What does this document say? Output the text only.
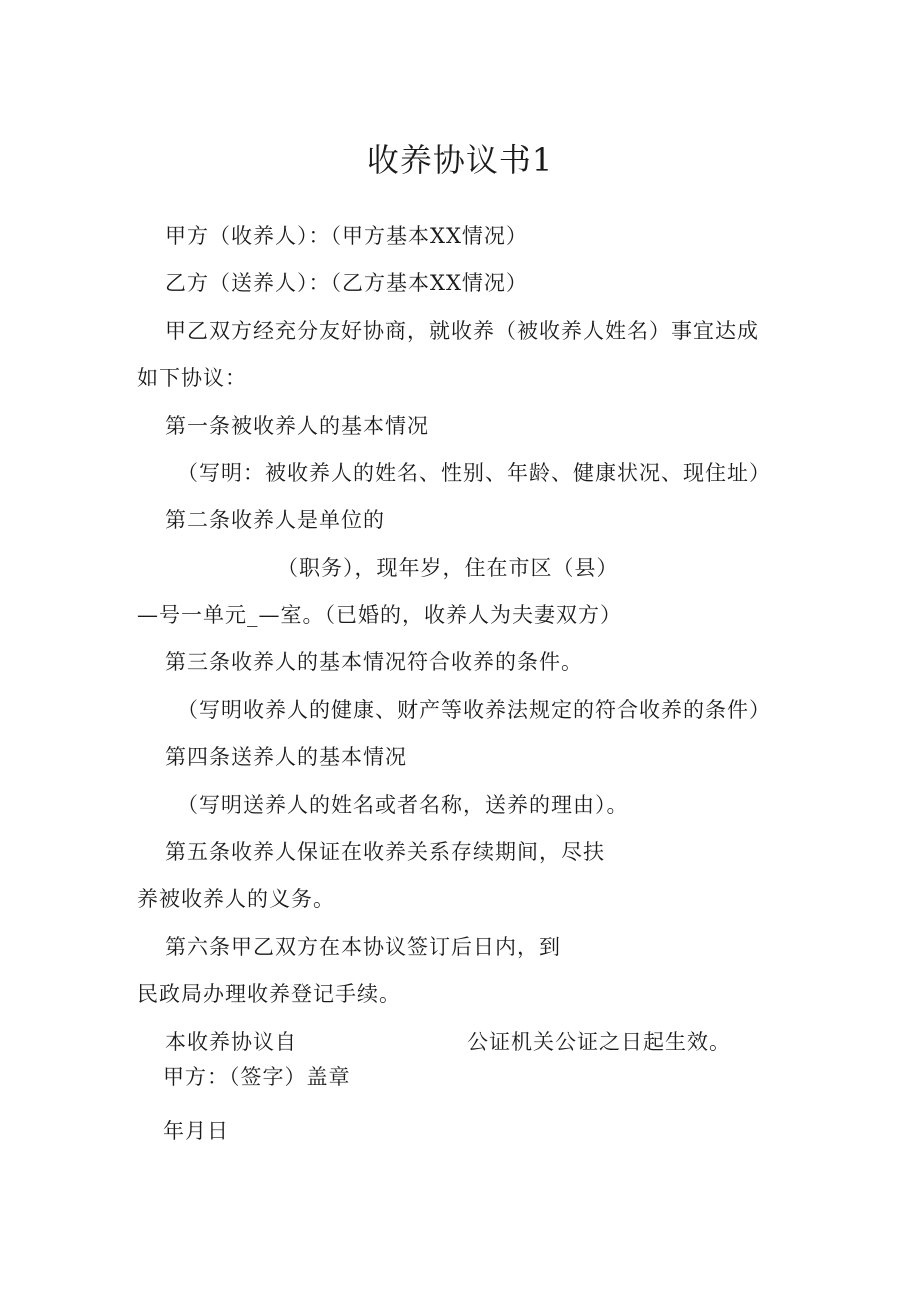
收养协议书1
甲方（收养人）：（甲方基本XX情况）
乙方（送养人）：（乙方基本XX情况）
甲乙双方经充分友好协商，就收养（被收养人姓名）事宜达成
如下协议：
第一条被收养人的基本情况
（写明：被收养人的姓名、性别、年龄、健康状况、现住址）
第二条收养人是单位的
（职务），现年岁，住在市区（县）
—号一单元_—室。（已婚的，收养人为夫妻双方）
第三条收养人的基本情况符合收养的条件。
（写明收养人的健康、财产等收养法规定的符合收养的条件）
第四条送养人的基本情况
（写明送养人的姓名或者名称，送养的理由）。
第五条收养人保证在收养关系存续期间，尽扶
养被收养人的义务。
第六条甲乙双方在本协议签订后日内，到
民政局办理收养登记手续。
本收养协议自	公证机关公证之日起生效。
甲方：（签字）盖章
年月日
